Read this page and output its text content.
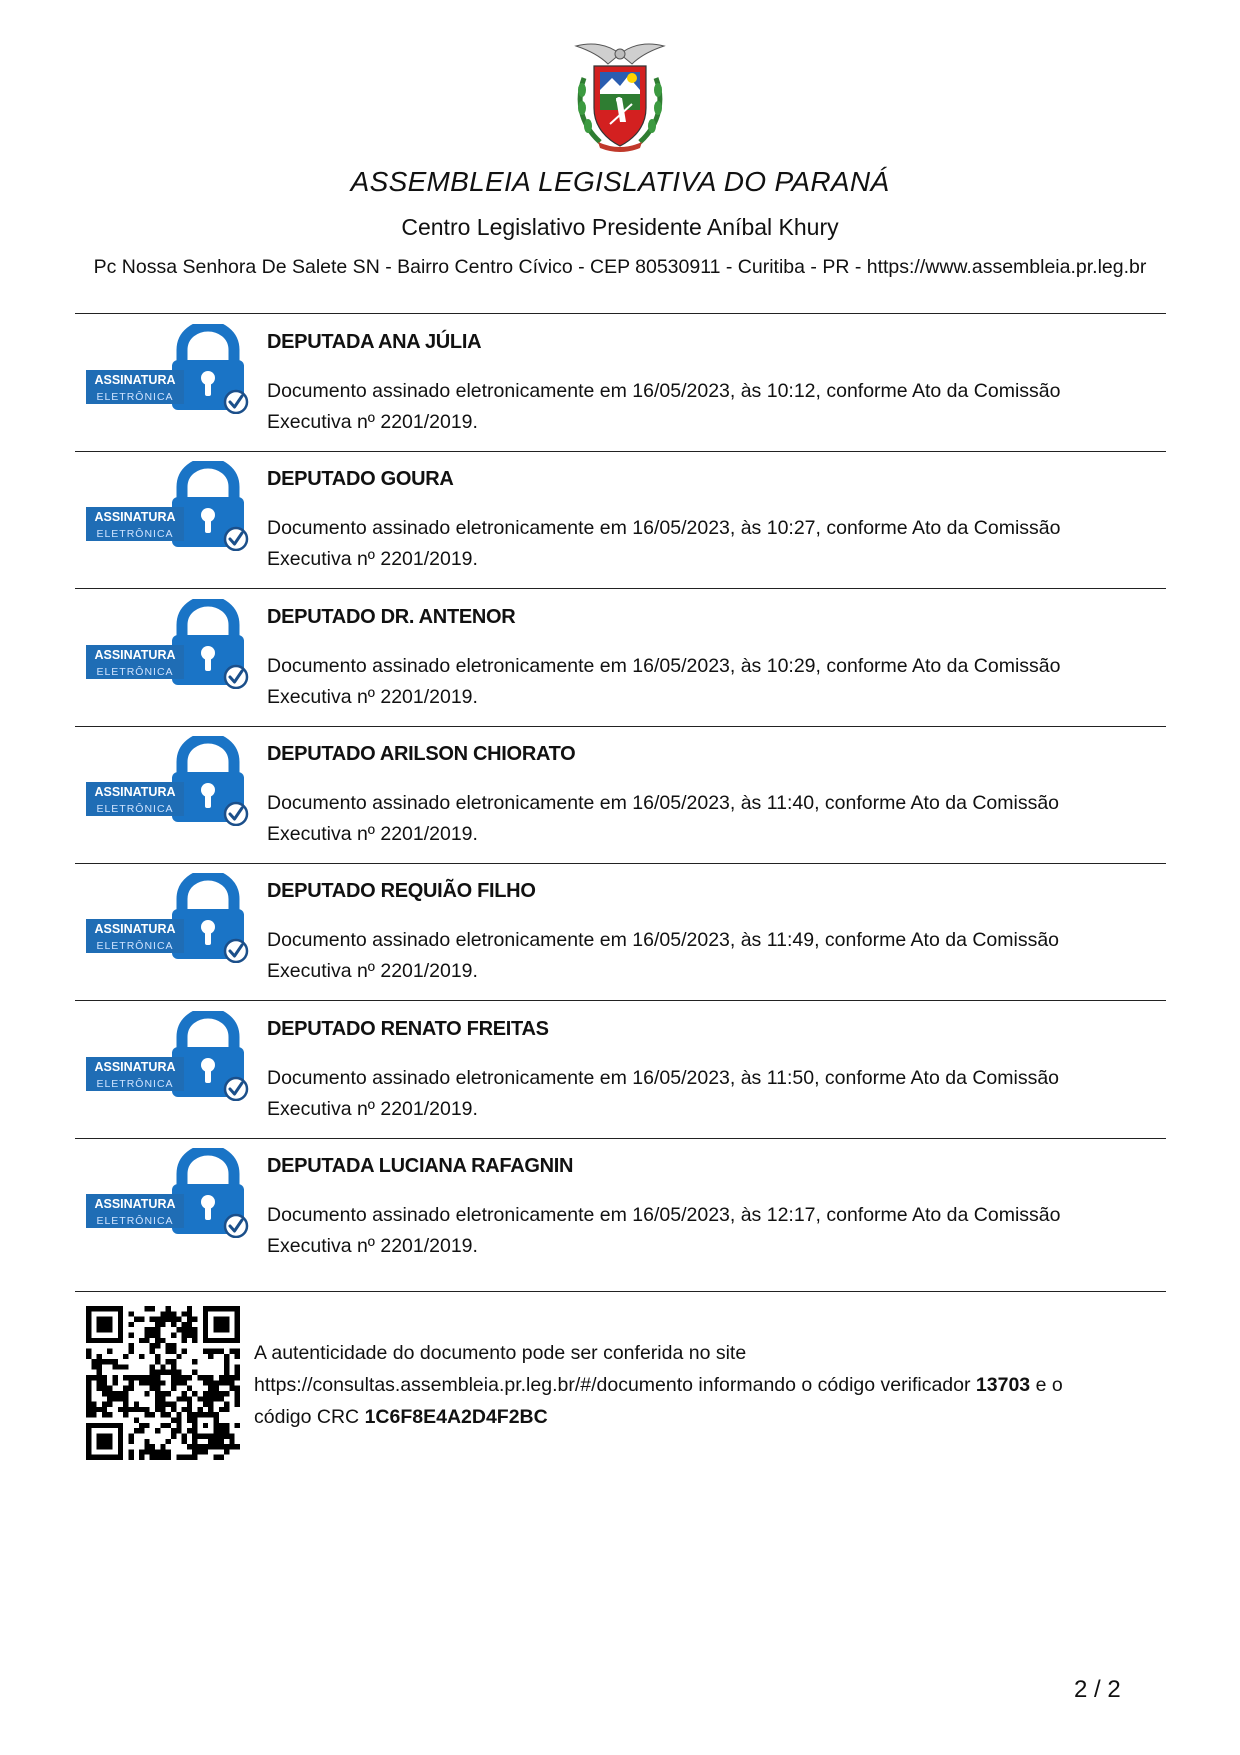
ASSEMBLEIA LEGISLATIVA DO PARANÁ
Centro Legislativo Presidente Aníbal Khury
Pc Nossa Senhora De Salete SN - Bairro Centro Cívico - CEP 80530911 - Curitiba - PR - https://www.assembleia.pr.leg.br
ASSINATURA
ELETRÔNICA
DEPUTADA ANA JÚLIA
Documento assinado eletronicamente em 16/05/2023, às 10:12, conforme Ato da Comissão Executiva nº 2201/2019.
ASSINATURA
ELETRÔNICA
DEPUTADO GOURA
Documento assinado eletronicamente em 16/05/2023, às 10:27, conforme Ato da Comissão Executiva nº 2201/2019.
ASSINATURA
ELETRÔNICA
DEPUTADO DR. ANTENOR
Documento assinado eletronicamente em 16/05/2023, às 10:29, conforme Ato da Comissão Executiva nº 2201/2019.
ASSINATURA
ELETRÔNICA
DEPUTADO ARILSON CHIORATO
Documento assinado eletronicamente em 16/05/2023, às 11:40, conforme Ato da Comissão Executiva nº 2201/2019.
ASSINATURA
ELETRÔNICA
DEPUTADO REQUIÃO FILHO
Documento assinado eletronicamente em 16/05/2023, às 11:49, conforme Ato da Comissão Executiva nº 2201/2019.
ASSINATURA
ELETRÔNICA
DEPUTADO RENATO FREITAS
Documento assinado eletronicamente em 16/05/2023, às 11:50, conforme Ato da Comissão Executiva nº 2201/2019.
ASSINATURA
ELETRÔNICA
DEPUTADA LUCIANA RAFAGNIN
Documento assinado eletronicamente em 16/05/2023, às 12:17, conforme Ato da Comissão Executiva nº 2201/2019.
A autenticidade do documento pode ser conferida no site
https://consultas.assembleia.pr.leg.br/#/documento informando o código verificador 13703 e o
código CRC 1C6F8E4A2D4F2BC
2 / 2
